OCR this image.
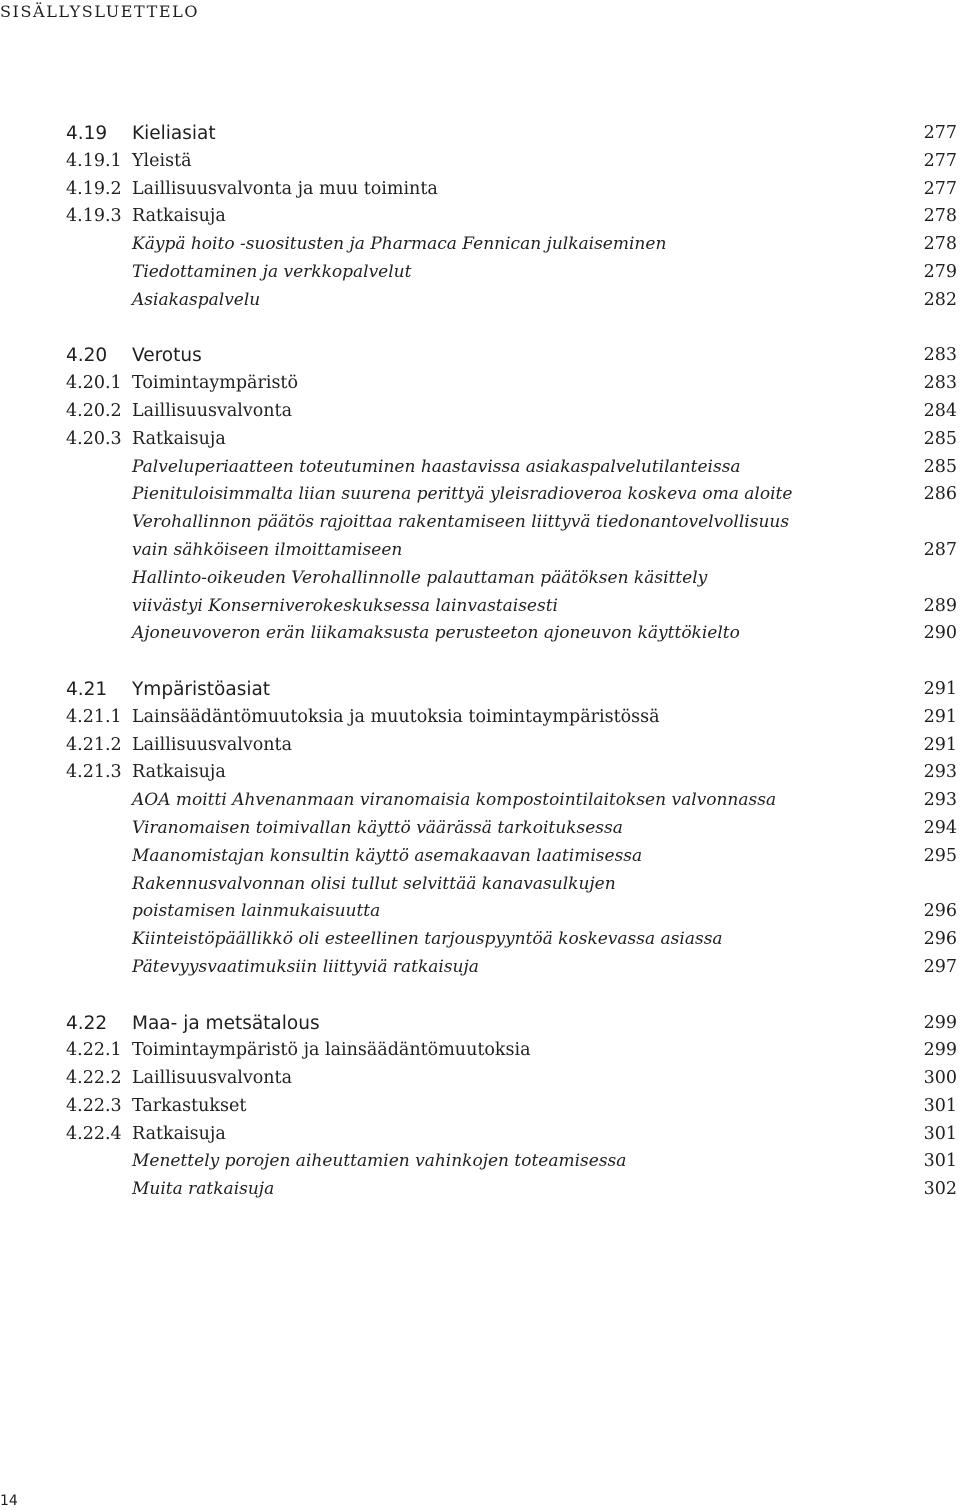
SISÄLLYSLUETTELO
4.19 Kieliasiat	277
4.19.1 Yleistä	277
4.19.2 Laillisuusvalvonta ja muu toiminta	277
4.19.3 Ratkaisuja	278
Käypä hoito -suositusten ja Pharmaca Fennican julkaiseminen	278
Tiedottaminen ja verkkopalvelut	279
Asiakaspalvelu	282
4.20 Verotus	283
4.20.1 Toimintaympäristö	283
4.20.2 Laillisuusvalvonta	284
4.20.3 Ratkaisuja	285
Palveluperiaatteen toteutuminen haastavissa asiakaspalvelutilanteissa	285
Pienituloisimmalta liian suurena perittyä yleisradioveroa koskeva oma aloite	286
Verohallinnon päätös rajoittaa rakentamiseen liittyvä tiedonantovelvollisuus
vain sähköiseen ilmoittamiseen	287
Hallinto-oikeuden Verohallinnolle palauttaman päätöksen käsittely
viivästyi Konserniverokeskuksessa lainvastaisesti	289
Ajoneuvoveron erän liikamaksusta perusteeton ajoneuvon käyttökielto	290
4.21 Ympäristöasiat	291
4.21.1 Lainsäädäntömuutoksia ja muutoksia toimintaympäristössä	291
4.21.2 Laillisuusvalvonta	291
4.21.3 Ratkaisuja	293
AOA moitti Ahvenanmaan viranomaisia kompostointilaitoksen valvonnassa	293
Viranomaisen toimivallan käyttö väärässä tarkoituksessa	294
Maanomistajan konsultin käyttö asemakaavan laatimisessa	295
Rakennusvalvonnan olisi tullut selvittää kanavasulkujen
poistamisen lainmukaisuutta	296
Kiinteistöpäällikkö oli esteellinen tarjouspyyntöä koskevassa asiassa	296
Pätevyysvaatimuksiin liittyviä ratkaisuja	297
4.22 Maa- ja metsätalous	299
4.22.1 Toimintaympäristö ja lainsäädäntömuutoksia	299
4.22.2 Laillisuusvalvonta	300
4.22.3 Tarkastukset	301
4.22.4 Ratkaisuja	301
Menettely porojen aiheuttamien vahinkojen toteamisessa	301
Muita ratkaisuja	302
14
